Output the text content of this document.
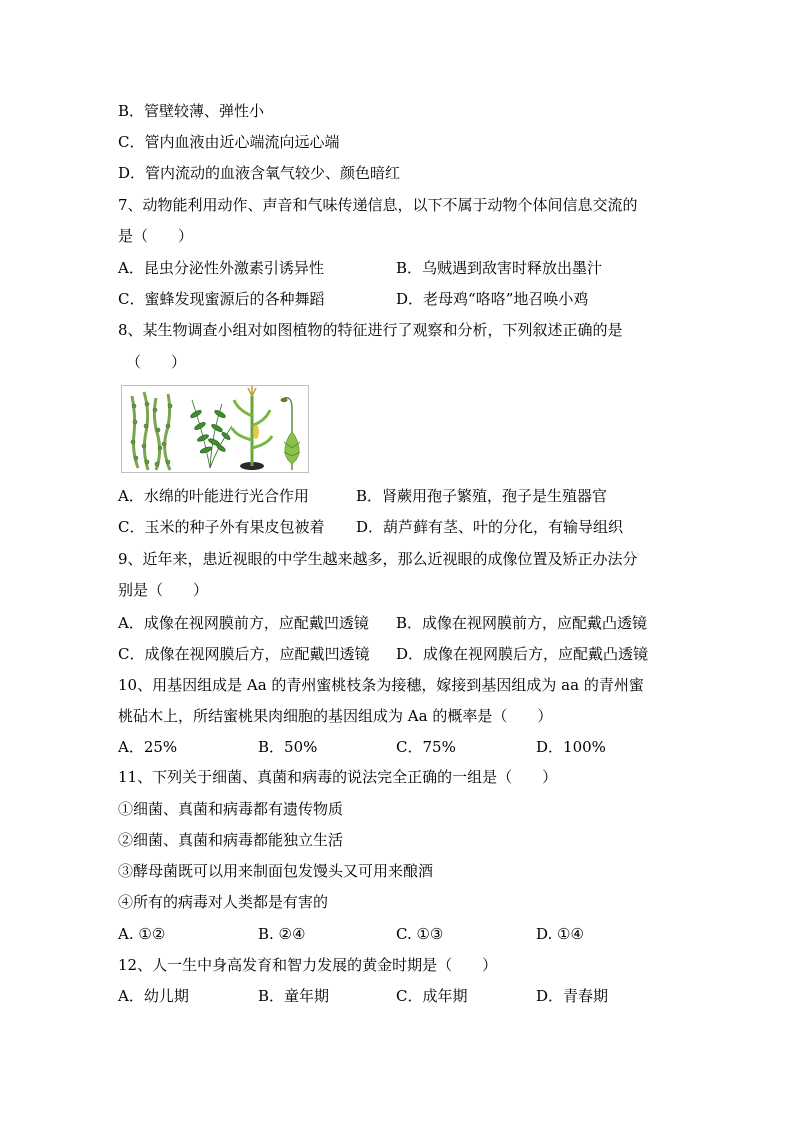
B．管壁较薄、弹性小
C．管内血液由近心端流向远心端
D．管内流动的血液含氧气较少、颜色暗红
7、动物能利用动作、声音和气味传递信息，以下不属于动物个体间信息交流的
是（　　）
A．昆虫分泌性外激素引诱异性	B．乌贼遇到敌害时释放出墨汁
C．蜜蜂发现蜜源后的各种舞蹈	D．老母鸡“咯咯”地召唤小鸡
8、某生物调查小组对如图植物的特征进行了观察和分析，下列叙述正确的是
（　　）
A．水绵的叶能进行光合作用	B．肾蕨用孢子繁殖，孢子是生殖器官
C．玉米的种子外有果皮包被着 D．葫芦藓有茎、叶的分化，有输导组织
9、近年来，患近视眼的中学生越来越多，那么近视眼的成像位置及矫正办法分
别是（　　）
A．成像在视网膜前方，应配戴凹透镜 B．成像在视网膜前方，应配戴凸透镜
C．成像在视网膜后方，应配戴凹透镜 D．成像在视网膜后方，应配戴凸透镜
10、用基因组成是 Aa 的青州蜜桃枝条为接穗，嫁接到基因组成为 aa 的青州蜜
桃砧木上，所结蜜桃果肉细胞的基因组成为 Aa 的概率是（　　）
A．25%	B．50%	C．75%	D．100%
11、下列关于细菌、真菌和病毒的说法完全正确的一组是（　　）
①细菌、真菌和病毒都有遗传物质
②细菌、真菌和病毒都能独立生活
③酵母菌既可以用来制面包发馒头又可用来酿酒
④所有的病毒对人类都是有害的
A. ①②	B. ②④	C. ①③	D. ①④
12、人一生中身高发育和智力发展的黄金时期是（　　）
A．幼儿期	B．童年期	C．成年期	D．青春期
